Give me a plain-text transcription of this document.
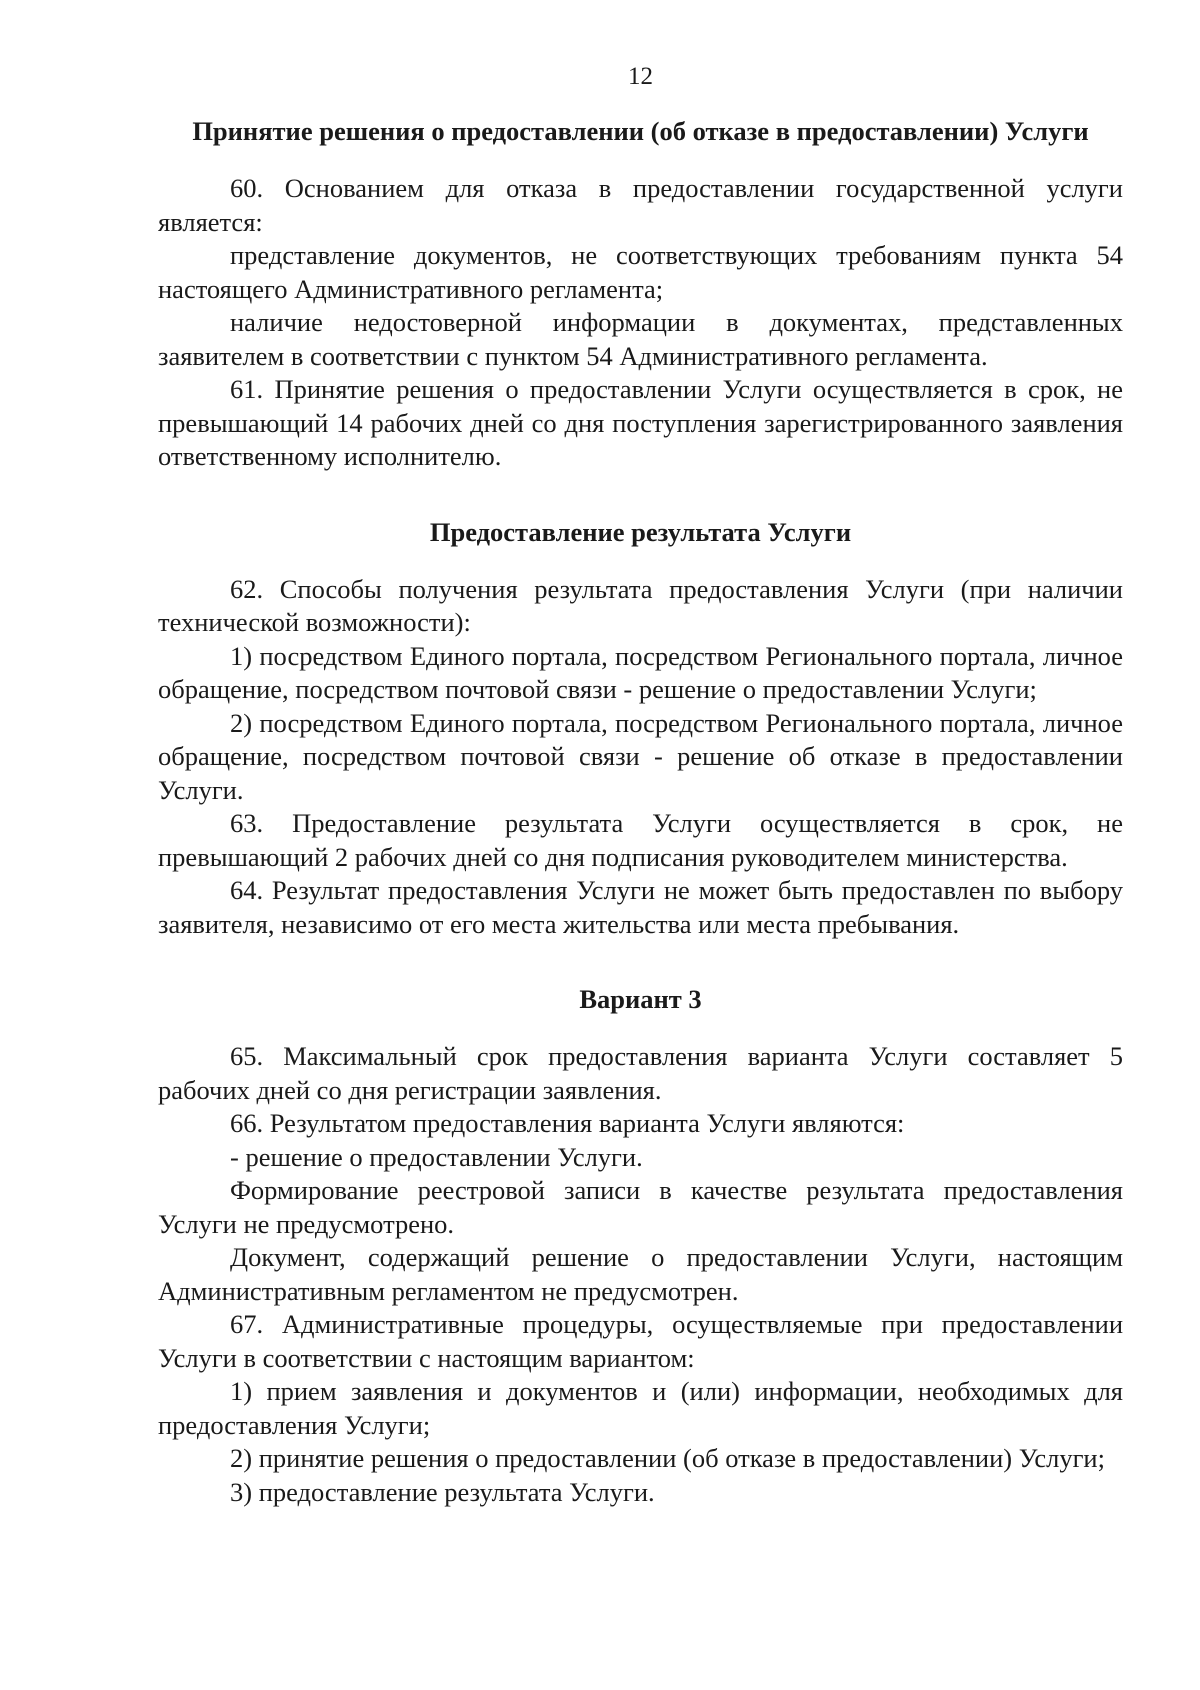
12
Принятие решения о предоставлении (об отказе в предоставлении) Услуги

60. Основанием для отказа в предоставлении государственной услуги является:

представление документов, не соответствующих требованиям пункта 54 настоящего Административного регламента;

наличие недостоверной информации в документах, представленных заявителем в соответствии с пунктом 54 Административного регламента.

61. Принятие решения о предоставлении Услуги осуществляется в срок, не превышающий 14 рабочих дней со дня поступления зарегистрированного заявления ответственному исполнителю.

Предоставление результата Услуги

62. Способы получения результата предоставления Услуги (при наличии технической возможности):

1) посредством Единого портала, посредством Регионального портала, личное обращение, посредством почтовой связи - решение о предоставлении Услуги;

2) посредством Единого портала, посредством Регионального портала, личное обращение, посредством почтовой связи - решение об отказе в предоставлении Услуги.

63. Предоставление результата Услуги осуществляется в срок, не превышающий 2 рабочих дней со дня подписания руководителем министерства.

64. Результат предоставления Услуги не может быть предоставлен по выбору заявителя, независимо от его места жительства или места пребывания.

Вариант 3

65. Максимальный срок предоставления варианта Услуги составляет 5 рабочих дней со дня регистрации заявления.

66. Результатом предоставления варианта Услуги являются:

- решение о предоставлении Услуги.

Формирование реестровой записи в качестве результата предоставления Услуги не предусмотрено.

Документ, содержащий решение о предоставлении Услуги, настоящим Административным регламентом не предусмотрен.

67. Административные процедуры, осуществляемые при предоставлении Услуги в соответствии с настоящим вариантом:

1) прием заявления и документов и (или) информации, необходимых для предоставления Услуги;

2) принятие решения о предоставлении (об отказе в предоставлении) Услуги;

3) предоставление результата Услуги.
